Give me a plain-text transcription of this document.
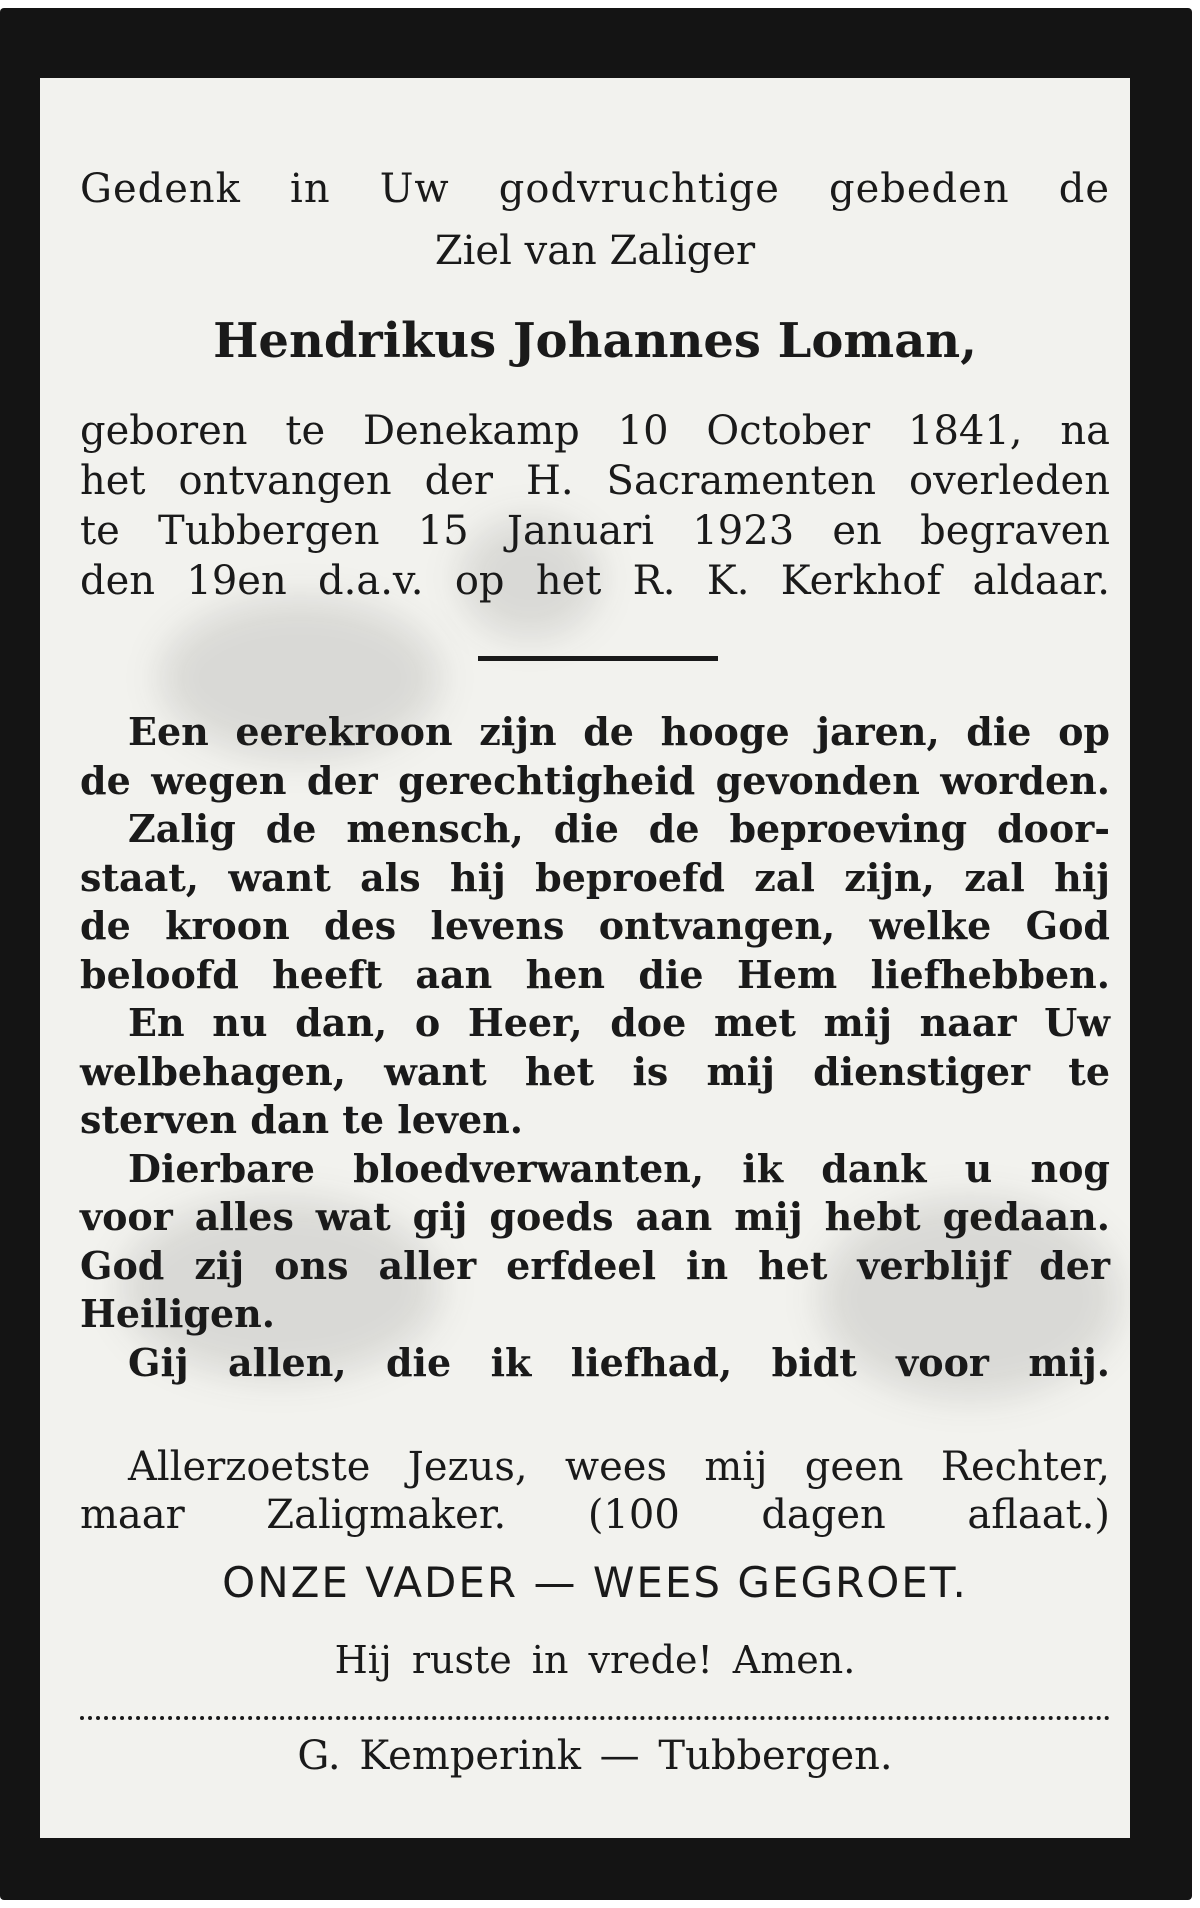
Gedenk in Uw godvruchtige gebeden de
Ziel van Zaliger
Hendrikus Johannes Loman,
geboren te Denekamp 10 October 1841, na
het ontvangen der H. Sacramenten overleden
te Tubbergen 15 Januari 1923 en begraven
den 19en d.a.v. op het R. K. Kerkhof aldaar.
Een eerekroon zijn de hooge jaren, die op
de wegen der gerechtigheid gevonden worden.
Zalig de mensch, die de beproeving door-
staat, want als hij beproefd zal zijn, zal hij
de kroon des levens ontvangen, welke God
beloofd heeft aan hen die Hem liefhebben.
En nu dan, o Heer, doe met mij naar Uw
welbehagen, want het is mij dienstiger te
sterven dan te leven.
Dierbare bloedverwanten, ik dank u nog
voor alles wat gij goeds aan mij hebt gedaan.
God zij ons aller erfdeel in het verblijf der
Heiligen.
Gij allen, die ik liefhad, bidt voor mij.
Allerzoetste Jezus, wees mij geen Rechter,
maar Zaligmaker. (100 dagen aflaat.)
ONZE VADER — WEES GEGROET.
Hij ruste in vrede! Amen.
G. Kemperink — Tubbergen.
